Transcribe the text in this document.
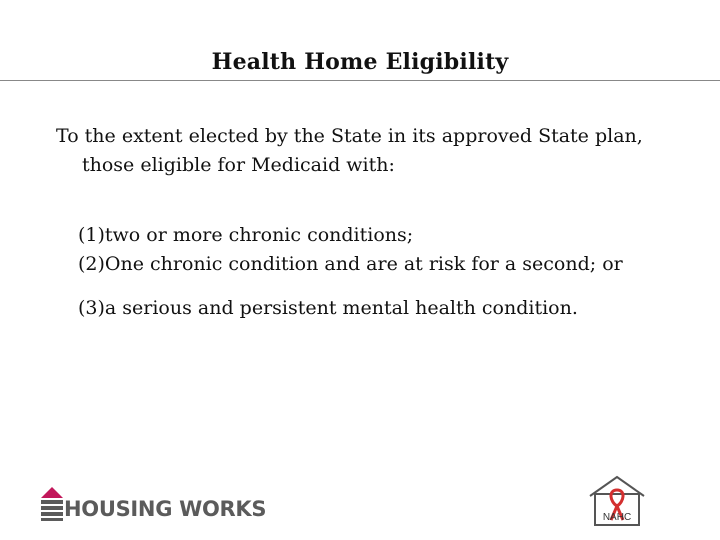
Health Home Eligibility
To the extent elected by the State in its approved State plan,
those eligible for Medicaid with:
(1)two or more chronic conditions;
(2)One chronic condition and are at risk for a second; or
(3)a serious and persistent mental health condition.
HOUSING WORKS	NAHC
